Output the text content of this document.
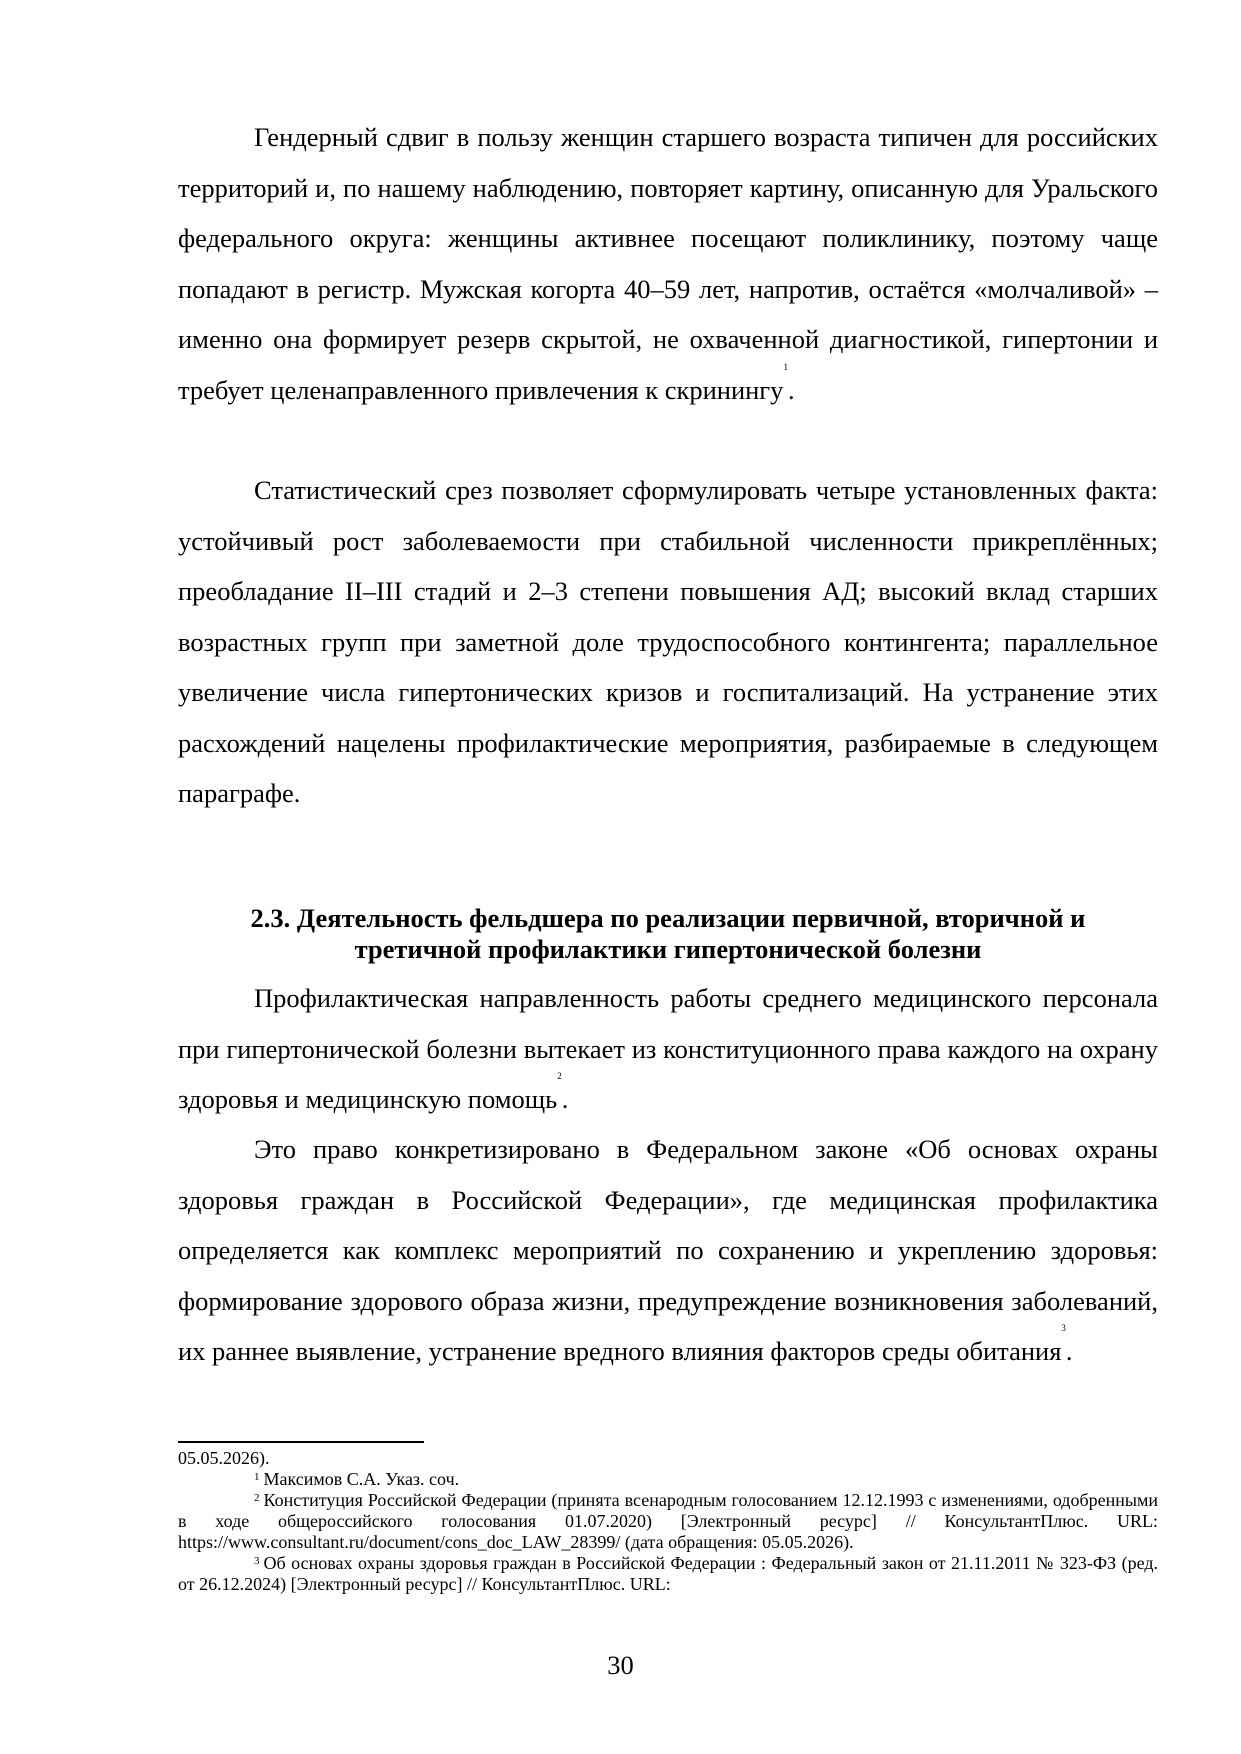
Гендерный сдвиг в пользу женщин старшего возраста типичен для российских территорий и, по нашему наблюдению, повторяет картину, описанную для Уральского федерального округа: женщины активнее посещают поликлинику, поэтому чаще попадают в регистр. Мужская когорта 40–59 лет, напротив, остаётся «молчаливой» – именно она формирует резерв скрытой, не охваченной диагностикой, гипертонии и требует целенаправленного привлечения к скринингу$^1$.

Статистический срез позволяет сформулировать четыре установленных факта: устойчивый рост заболеваемости при стабильной численности прикреплённых; преобладание II–III стадий и 2–3 степени повышения АД; высокий вклад старших возрастных групп при заметной доле трудоспособного контингента; параллельное увеличение числа гипертонических кризов и госпитализаций. На устранение этих расхождений нацелены профилактические мероприятия, разбираемые в следующем параграфе.

2.3. Деятельность фельдшера по реализации первичной, вторичной и
третичной профилактики гипертонической болезни

Профилактическая направленность работы среднего медицинского персонала при гипертонической болезни вытекает из конституционного права каждого на охрану здоровья и медицинскую помощь$^2$.

Это право конкретизировано в Федеральном законе «Об основах охраны здоровья граждан в Российской Федерации», где медицинская профилактика определяется как комплекс мероприятий по сохранению и укреплению здоровья: формирование здорового образа жизни, предупреждение возникновения заболеваний, их раннее выявление, устранение вредного влияния факторов среды обитания$^3$.

05.05.2026).

$^1$ Максимов С.А. Указ. соч.

$^2$ Конституция Российской Федерации (принята всенародным голосованием 12.12.1993 с изменениями, одобренными в ходе общероссийского голосования 01.07.2020) [Электронный ресурс] // КонсультантПлюс. URL: https://www.consultant.ru/document/cons_doc_LAW_28399/ (дата обращения: 05.05.2026).

$^3$ Об основах охраны здоровья граждан в Российской Федерации : Федеральный закон от 21.11.2011 № 323-ФЗ (ред. от 26.12.2024) [Электронный ресурс] // КонсультантПлюс. URL:

30
